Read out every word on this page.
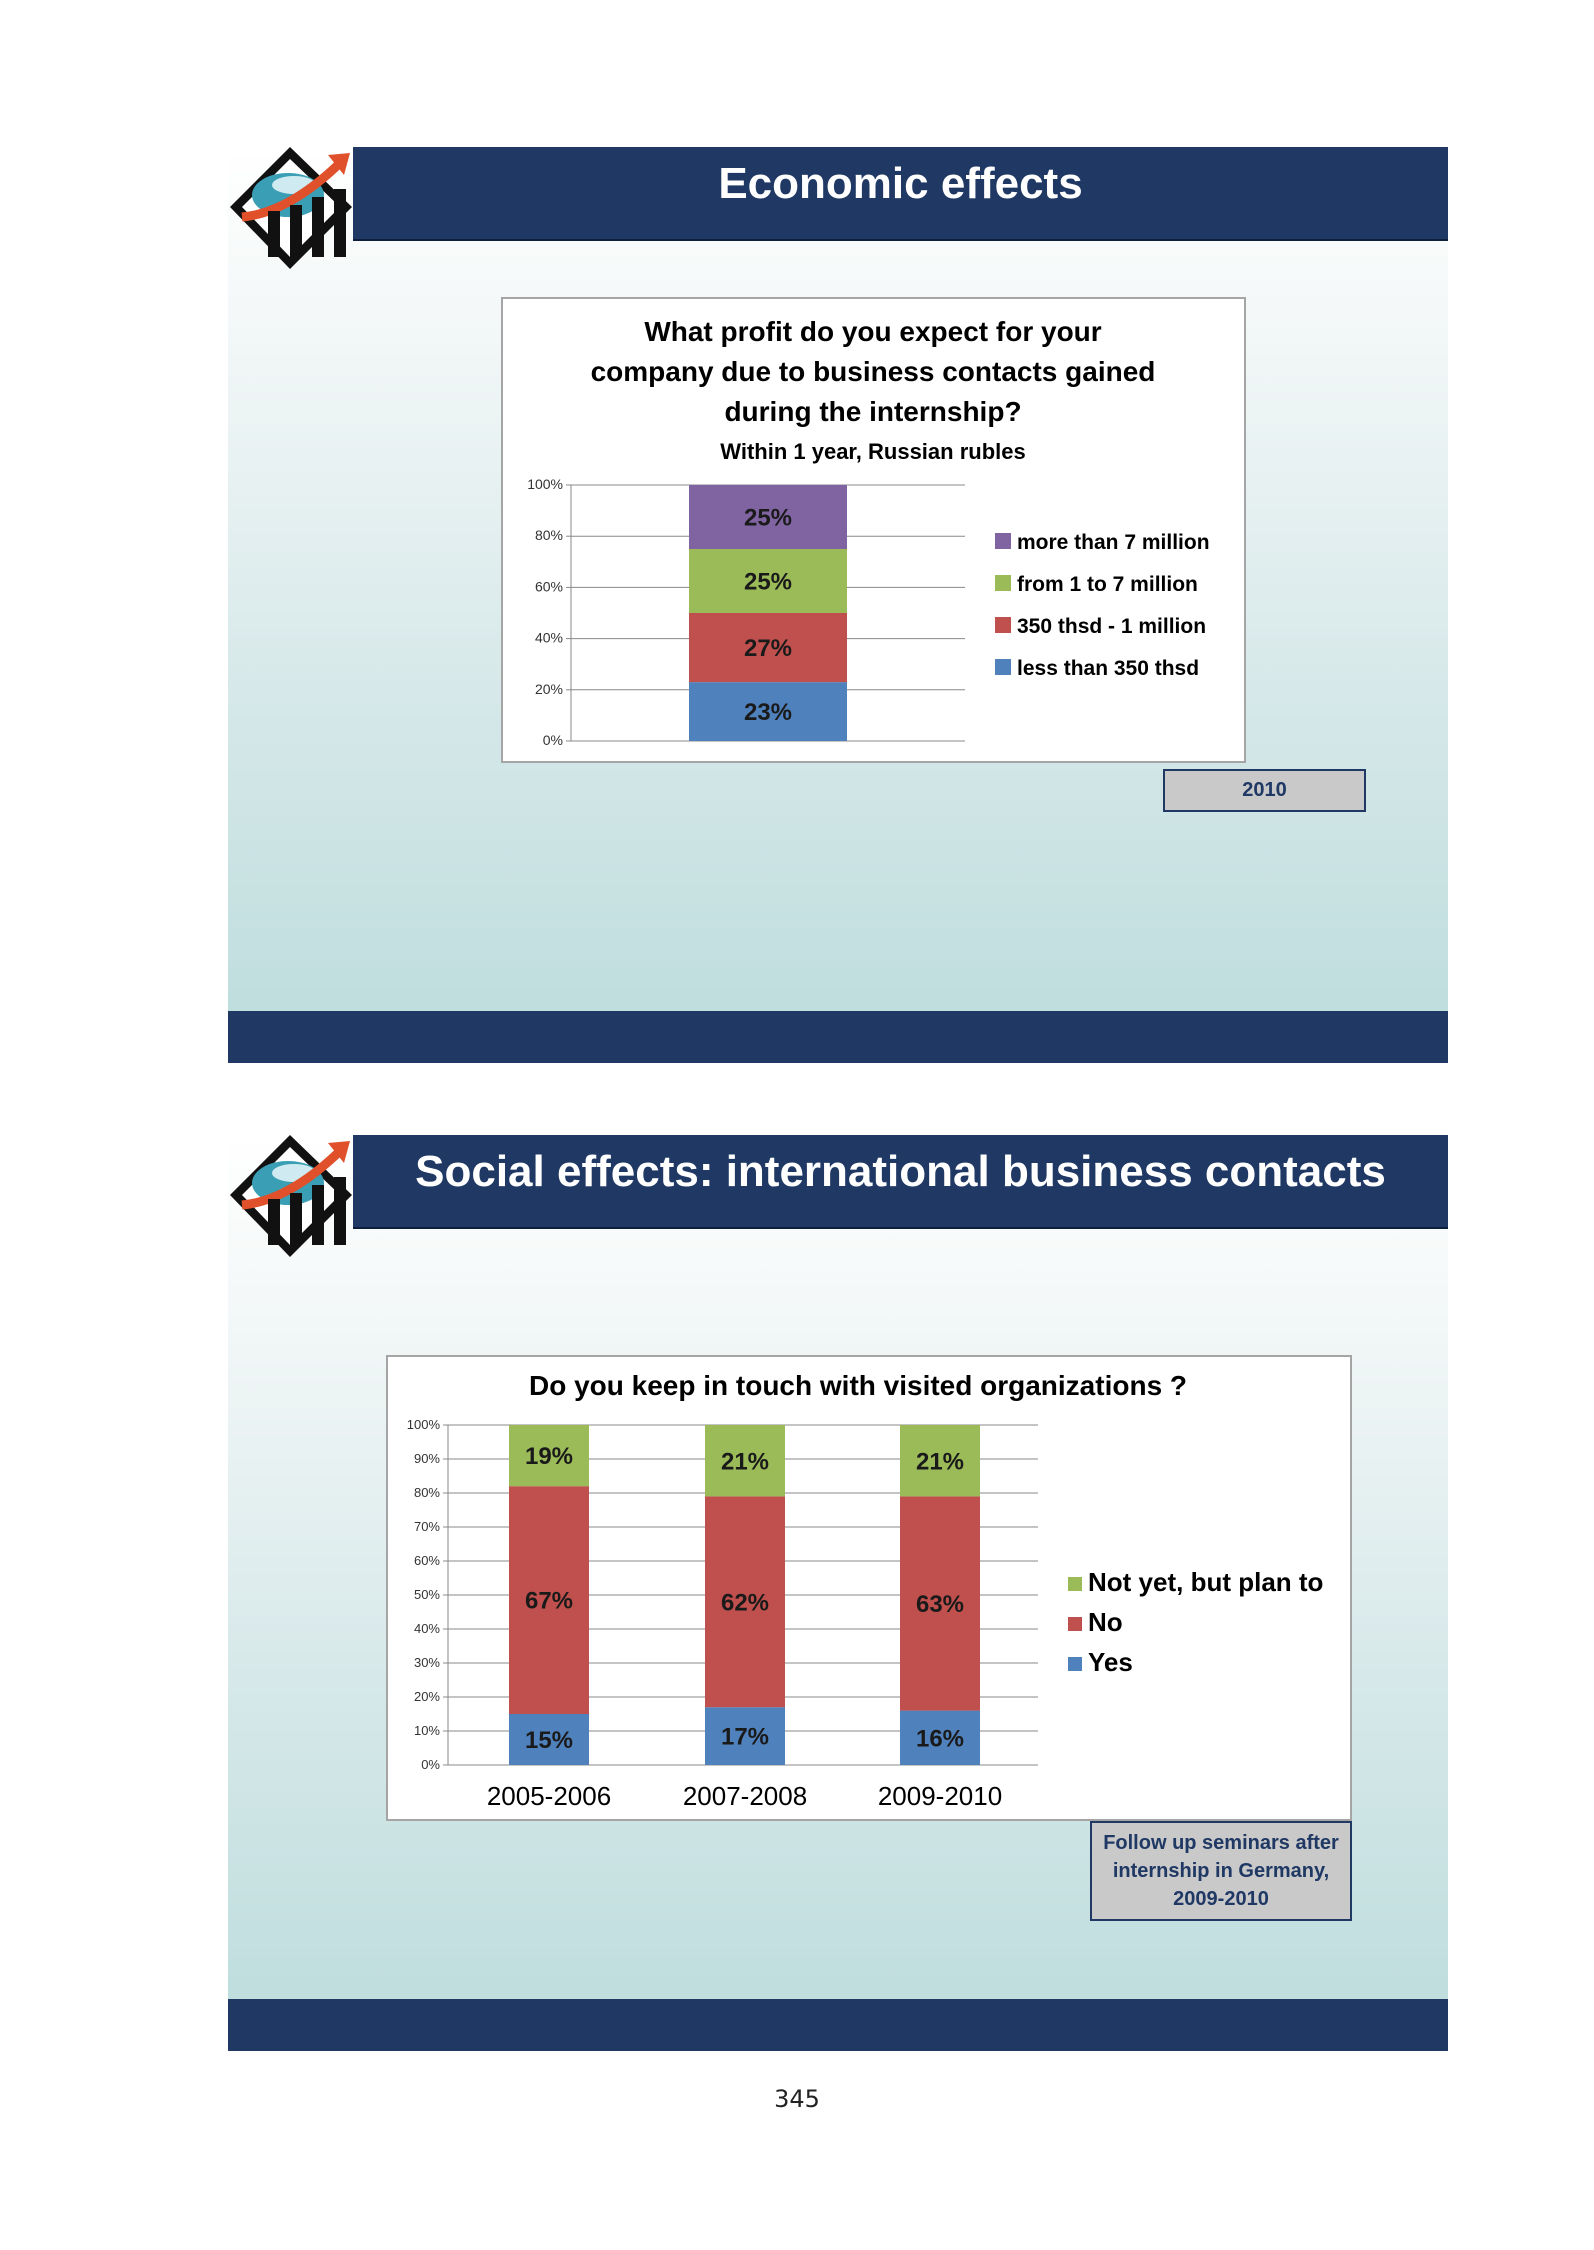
Economic effects
What profit do you expect for your
company due to business contacts gained
during the internship?
Within 1 year, Russian rubles
0%
20%
40%
60%
80%
100%
23%
27%
25%
25%
more than 7 million
from 1 to 7 million
350 thsd - 1 million
less than 350 thsd
2010
Social effects: international business contacts
Do you keep in touch with visited organizations ?
0%
10%
20%
30%
40%
50%
60%
70%
80%
90%
100%
15%
67%
19%
2005-2006
17%
62%
21%
2007-2008
16%
63%
21%
2009-2010
Not yet, but plan to
No
Yes
Follow up seminars after
internship in Germany,
2009-2010
345
